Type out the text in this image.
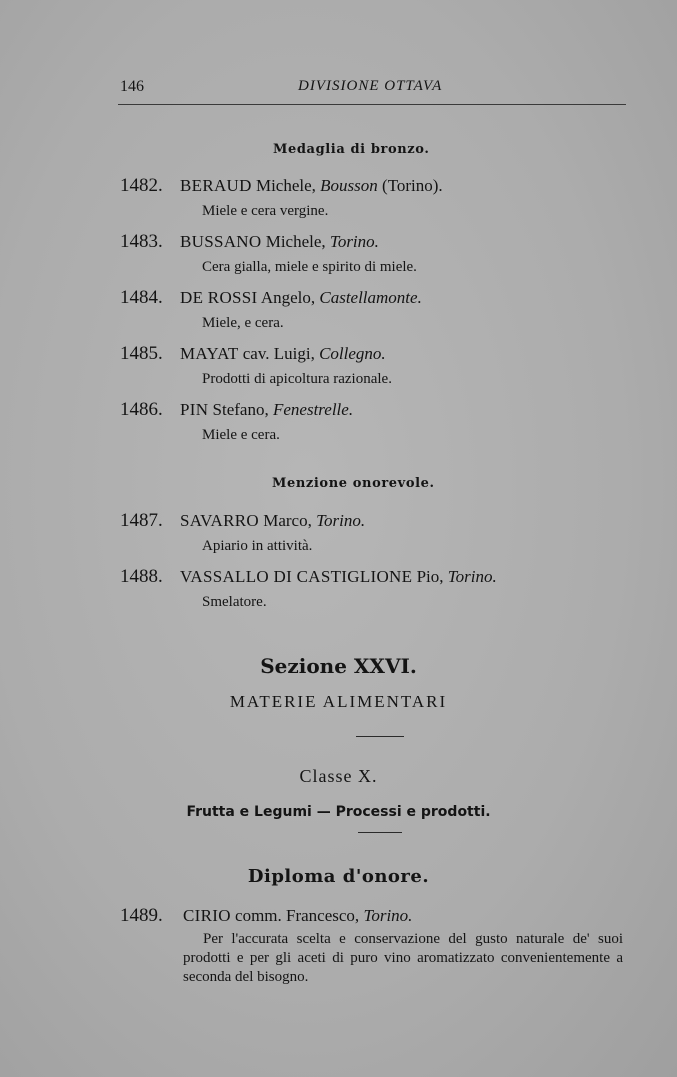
146	DIVISIONE OTTAVA
Medaglia di bronzo.
1482. BERAUD Michele, Bousson (Torino).
Miele e cera vergine.
1483. BUSSANO Michele, Torino.
Cera gialla, miele e spirito di miele.
1484. DE ROSSI Angelo, Castellamonte.
Miele, e cera.
1485. MAYAT cav. Luigi, Collegno.
Prodotti di apicoltura razionale.
1486. PIN Stefano, Fenestrelle.
Miele e cera.
Menzione onorevole.
1487. SAVARRO Marco, Torino.
Apiario in attività.
1488. VASSALLO DI CASTIGLIONE Pio, Torino.
Smelatore.
Sezione XXVI.
MATERIE ALIMENTARI
Classe X.
Frutta e Legumi — Processi e prodotti.
Diploma d'onore.
1489. CIRIO comm. Francesco, Torino.
Per l'accurata scelta e conservazione del gusto naturale de' suoi prodotti e per gli aceti di puro vino aromatizzato convenientemente a seconda del bisogno.
